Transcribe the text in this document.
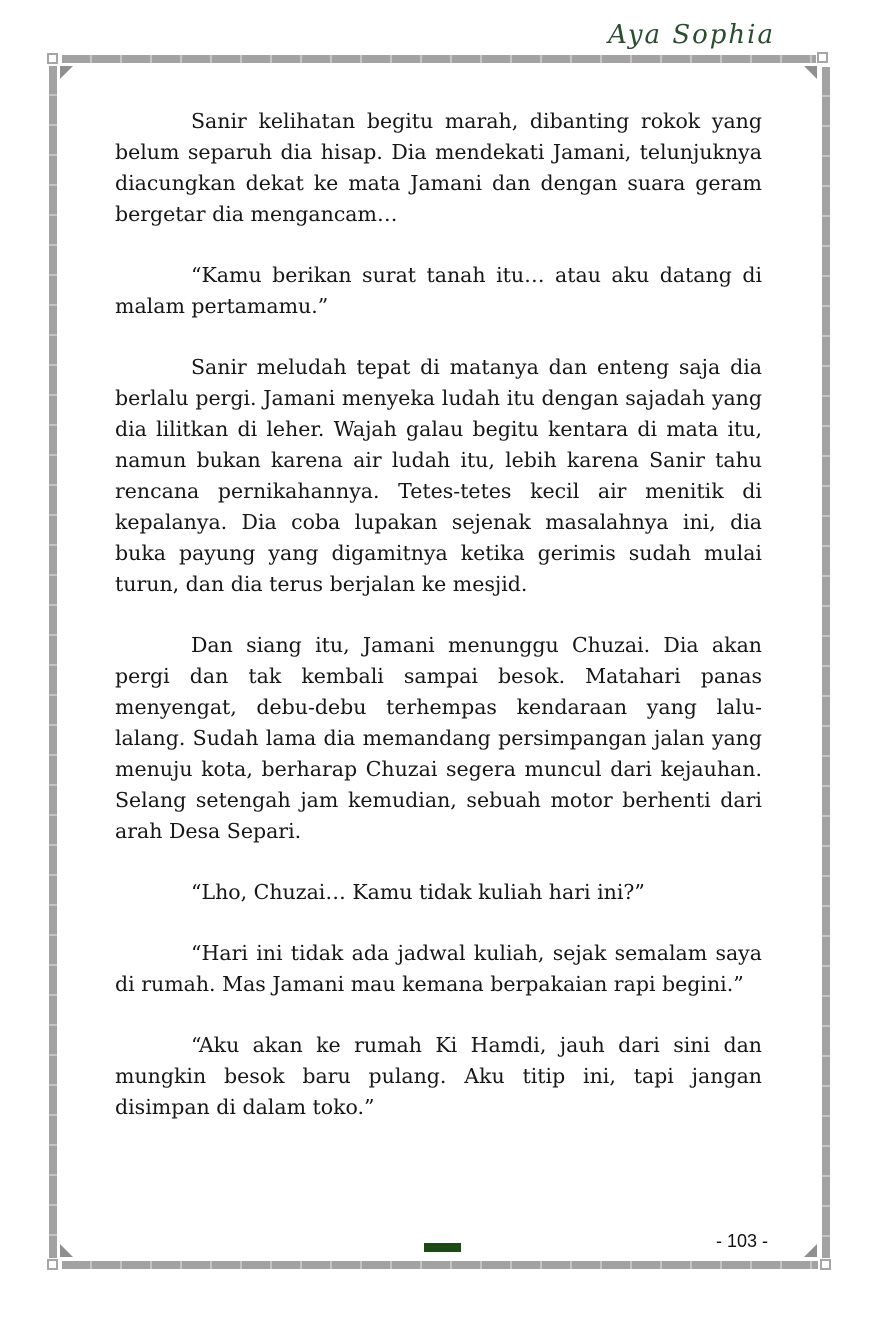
Aya Sophia

Sanir kelihatan begitu marah, dibanting rokok yang belum separuh dia hisap. Dia mendekati Jamani, telunjuknya diacungkan dekat ke mata Jamani dan dengan suara geram bergetar dia mengancam…

“Kamu berikan surat tanah itu… atau aku datang di malam pertamamu.”

Sanir meludah tepat di matanya dan enteng saja dia berlalu pergi. Jamani menyeka ludah itu dengan sajadah yang dia lilitkan di leher. Wajah galau begitu kentara di mata itu, namun bukan karena air ludah itu, lebih karena Sanir tahu rencana pernikahannya. Tetes-tetes kecil air menitik di kepalanya. Dia coba lupakan sejenak masalahnya ini, dia buka payung yang digamitnya ketika gerimis sudah mulai turun, dan dia terus berjalan ke mesjid.

Dan siang itu, Jamani menunggu Chuzai. Dia akan pergi dan tak kembali sampai besok. Matahari panas menyengat, debu-debu terhempas kendaraan yang lalu-lalang. Sudah lama dia memandang persimpangan jalan yang menuju kota, berharap Chuzai segera muncul dari kejauhan. Selang setengah jam kemudian, sebuah motor berhenti dari arah Desa Separi.

“Lho, Chuzai… Kamu tidak kuliah hari ini?”

“Hari ini tidak ada jadwal kuliah, sejak semalam saya di rumah. Mas Jamani mau kemana berpakaian rapi begini.”

“Aku akan ke rumah Ki Hamdi, jauh dari sini dan mungkin besok baru pulang. Aku titip ini, tapi jangan disimpan di dalam toko.”

- 103 -
